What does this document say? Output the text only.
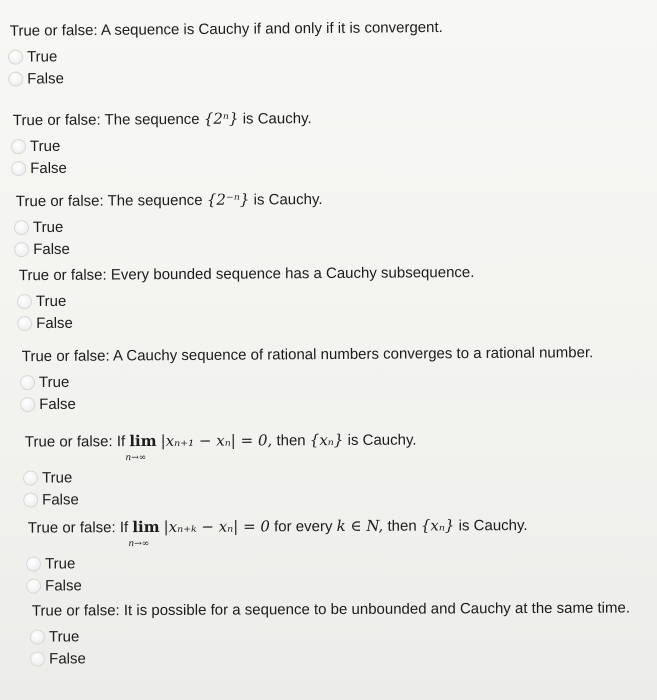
True or false: A sequence is Cauchy if and only if it is convergent.
True
False
True or false: The sequence {2ⁿ} is Cauchy.
True
False
True or false: The sequence {2⁻ⁿ} is Cauchy.
True
False
True or false: Every bounded sequence has a Cauchy subsequence.
True
False
True or false: A Cauchy sequence of rational numbers converges to a rational number.
True
False
True or false: If lim
n→∞
|xₙ₊₁ − xₙ| = 0, then {xₙ} is Cauchy.
True
False
True or false: If lim
n→∞
|xₙ₊ₖ − xₙ| = 0 for every k ∈ N, then {xₙ} is Cauchy.
True
False
True or false: It is possible for a sequence to be unbounded and Cauchy at the same time.
True
False
